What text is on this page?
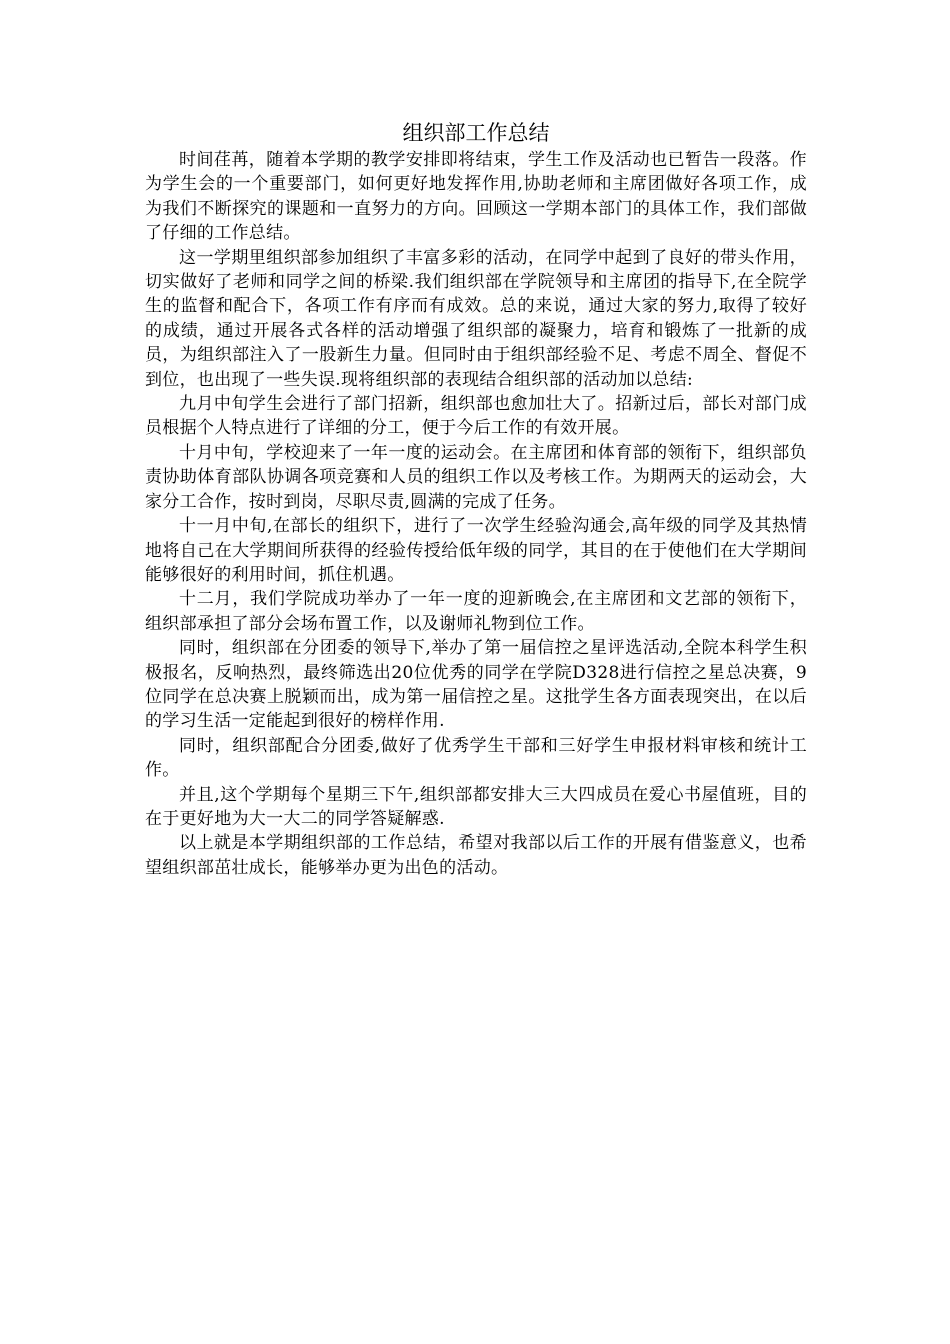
组织部工作总结

时间荏苒，随着本学期的教学安排即将结束，学生工作及活动也已暂告一段落。作为学生会的一个重要部门，如何更好地发挥作用,协助老师和主席团做好各项工作，成为我们不断探究的课题和一直努力的方向。回顾这一学期本部门的具体工作，我们部做了仔细的工作总结。

这一学期里组织部参加组织了丰富多彩的活动，在同学中起到了良好的带头作用，切实做好了老师和同学之间的桥梁.我们组织部在学院领导和主席团的指导下,在全院学生的监督和配合下，各项工作有序而有成效。总的来说，通过大家的努力,取得了较好的成绩，通过开展各式各样的活动增强了组织部的凝聚力，培育和锻炼了一批新的成员，为组织部注入了一股新生力量。但同时由于组织部经验不足、考虑不周全、督促不到位，也出现了一些失误.现将组织部的表现结合组织部的活动加以总结:

九月中旬学生会进行了部门招新，组织部也愈加壮大了。招新过后，部长对部门成员根据个人特点进行了详细的分工，便于今后工作的有效开展。

十月中旬，学校迎来了一年一度的运动会。在主席团和体育部的领衔下，组织部负责协助体育部队协调各项竞赛和人员的组织工作以及考核工作。为期两天的运动会，大家分工合作，按时到岗，尽职尽责,圆满的完成了任务。

十一月中旬,在部长的组织下，进行了一次学生经验沟通会,高年级的同学及其热情地将自己在大学期间所获得的经验传授给低年级的同学，其目的在于使他们在大学期间能够很好的利用时间，抓住机遇。

十二月，我们学院成功举办了一年一度的迎新晚会,在主席团和文艺部的领衔下，组织部承担了部分会场布置工作，以及谢师礼物到位工作。

同时，组织部在分团委的领导下,举办了第一届信控之星评选活动,全院本科学生积极报名，反响热烈，最终筛选出20位优秀的同学在学院D328进行信控之星总决赛，9位同学在总决赛上脱颖而出，成为第一届信控之星。这批学生各方面表现突出，在以后的学习生活一定能起到很好的榜样作用.

同时，组织部配合分团委,做好了优秀学生干部和三好学生申报材料审核和统计工作。

并且,这个学期每个星期三下午,组织部都安排大三大四成员在爱心书屋值班，目的在于更好地为大一大二的同学答疑解惑.

以上就是本学期组织部的工作总结，希望对我部以后工作的开展有借鉴意义，也希望组织部茁壮成长，能够举办更为出色的活动。
